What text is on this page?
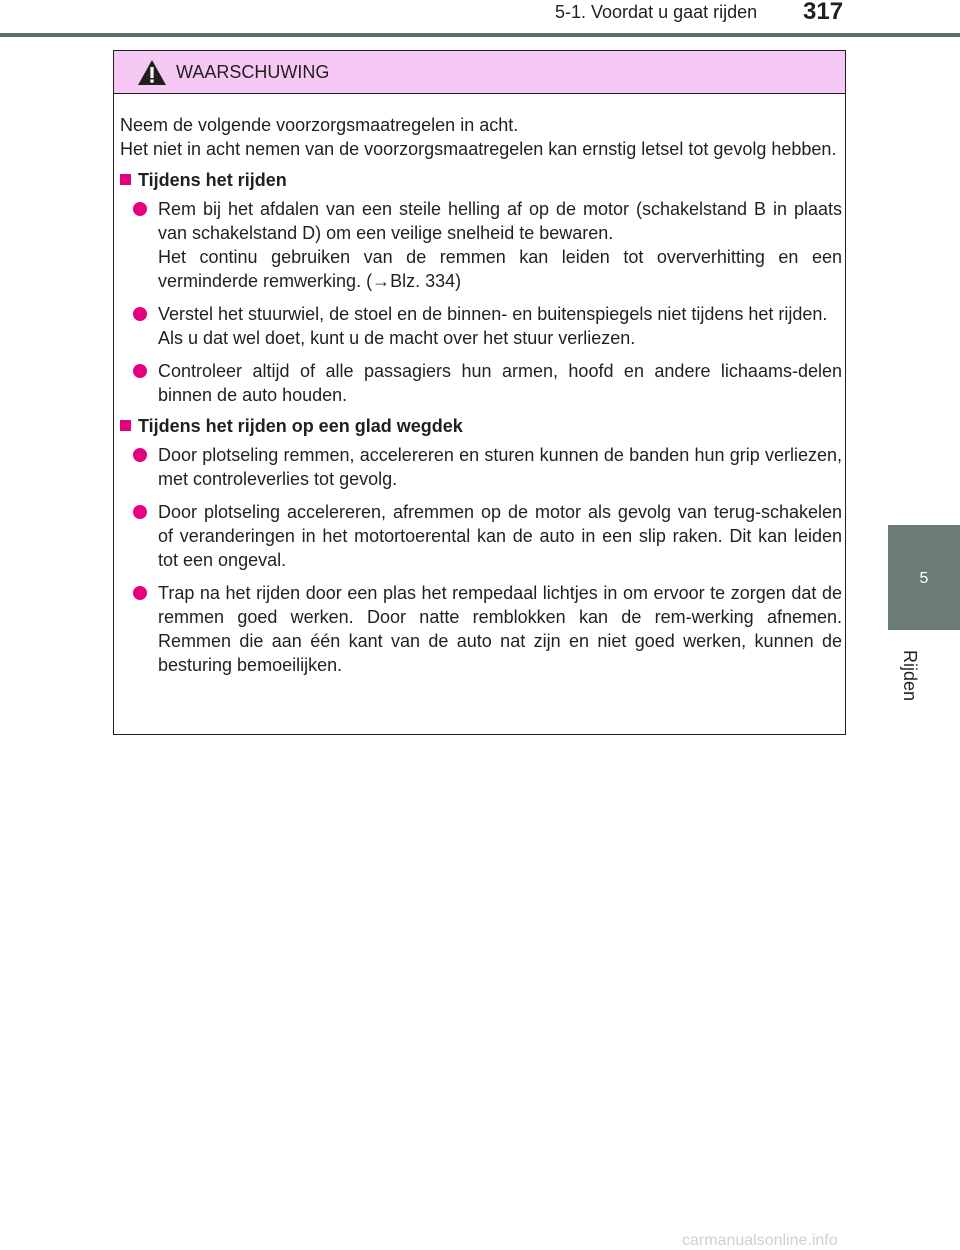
5-1. Voordat u gaat rijden	317
5
Rijden
WAARSCHUWING

Neem de volgende voorzorgsmaatregelen in acht.
Het niet in acht nemen van de voorzorgsmaatregelen kan ernstig letsel tot gevolg hebben.

Tijdens het rijden

Rem bij het afdalen van een steile helling af op de motor (schakelstand B in plaats van schakelstand D) om een veilige snelheid te bewaren.

Het continu gebruiken van de remmen kan leiden tot oververhitting en een verminderde remwerking. (→Blz. 334)

Verstel het stuurwiel, de stoel en de binnen- en buitenspiegels niet tijdens het rijden.

Als u dat wel doet, kunt u de macht over het stuur verliezen.

Controleer altijd of alle passagiers hun armen, hoofd en andere lichaams-delen binnen de auto houden.

Tijdens het rijden op een glad wegdek

Door plotseling remmen, accelereren en sturen kunnen de banden hun grip verliezen, met controleverlies tot gevolg.

Door plotseling accelereren, afremmen op de motor als gevolg van terug-schakelen of veranderingen in het motortoerental kan de auto in een slip raken. Dit kan leiden tot een ongeval.

Trap na het rijden door een plas het rempedaal lichtjes in om ervoor te zorgen dat de remmen goed werken. Door natte remblokken kan de rem-werking afnemen. Remmen die aan één kant van de auto nat zijn en niet goed werken, kunnen de besturing bemoeilijken.

carmanualsonline.info
